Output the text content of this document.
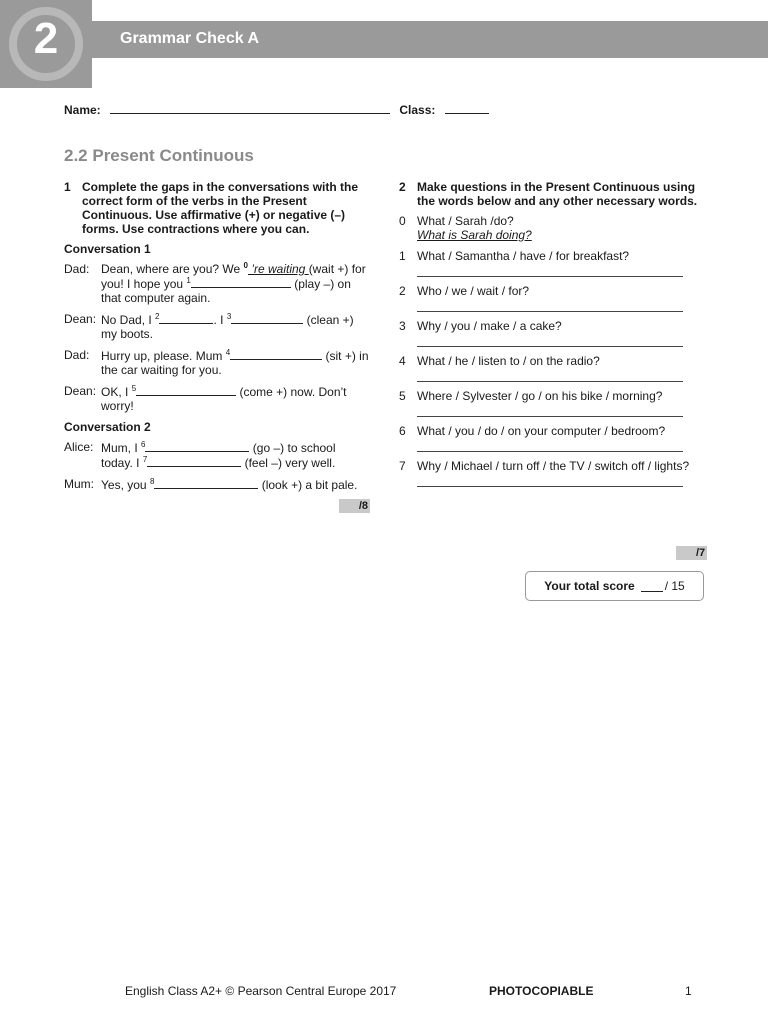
2	Grammar Check A
Name:	Class:
2.2 Present Continuous
1 Complete the gaps in the conversations with the correct form of the verbs in the Present Continuous. Use affirmative (+) or negative (–) forms. Use contractions where you can.
Conversation 1
Dad: Dean, where are you? We $^0$ ’re waiting (wait +) for you! I hope you $^1$	(play –) on that computer again.
Dean: No Dad, I $^2$	. I $^3$	(clean +) my boots.
Dad: Hurry up, please. Mum $^4$	(sit +) in the car waiting for you.
Dean: OK, I $^5$	(come +) now. Don’t worry!
Conversation 2
Alice: Mum, I $^6$	(go –) to school today. I $^7$	(feel –) very well.
Mum: Yes, you $^8$	(look +) a bit pale.
/8
2 Make questions in the Present Continuous using the words below and any other necessary words.
0 What / Sarah /do?
What is Sarah doing?
1 What / Samantha / have / for breakfast?
2 Who / we / wait / for?
3 Why / you / make / a cake?
4 What / he / listen to / on the radio?
5 Where / Sylvester / go / on his bike / morning?
6 What / you / do / on your computer / bedroom?
7 Why / Michael / turn off / the TV / switch off / lights?
/7
Your total score	/ 15
English Class A2+ © Pearson Central Europe 2017	PHOTOCOPIABLE	1
